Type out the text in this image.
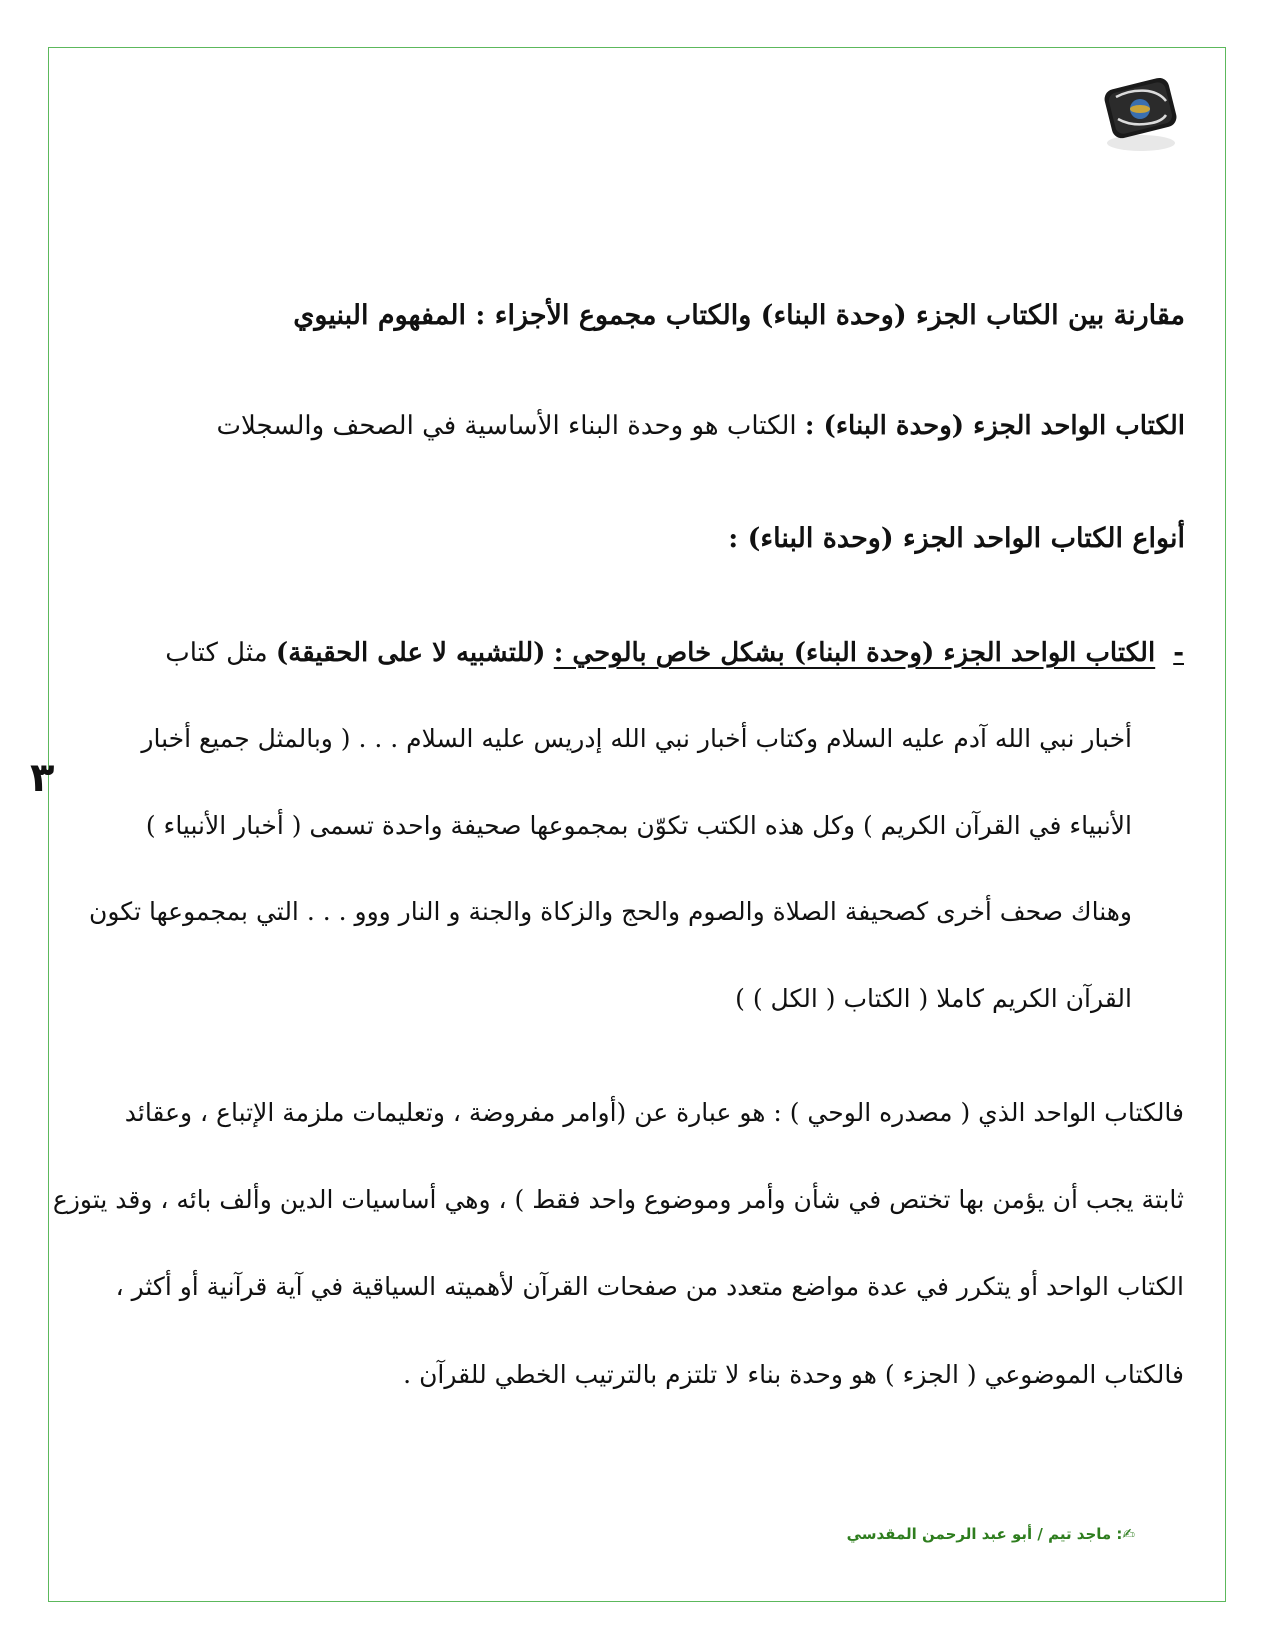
٣
مقارنة بين الكتاب الجزء (وحدة البناء) والكتاب مجموع الأجزاء : المفهوم البنيوي
الكتاب الواحد الجزء (وحدة البناء) : الكتاب هو وحدة البناء الأساسية في الصحف والسجلات
أنواع الكتاب الواحد الجزء (وحدة البناء) :
-
الكتاب الواحد الجزء (وحدة البناء) بشكل خاص بالوحي : (للتشبيه لا على الحقيقة) مثل كتاب
أخبار نبي الله آدم عليه السلام وكتاب أخبار نبي الله إدريس عليه السلام . . . ( وبالمثل جميع أخبار
الأنبياء في القرآن الكريم ) وكل هذه الكتب تكوّن بمجموعها صحيفة واحدة تسمى ( أخبار الأنبياء )
وهناك صحف أخرى كصحيفة الصلاة والصوم والحج والزكاة والجنة و النار ووو . . . التي بمجموعها تكون
القرآن الكريم كاملا ( الكتاب ( الكل ) )
فالكتاب الواحد الذي ( مصدره الوحي ) : هو عبارة عن (أوامر مفروضة ، وتعليمات ملزمة الإتباع ، وعقائد
ثابتة يجب أن يؤمن بها تختص في شأن وأمر وموضوع واحد فقط ) ، وهي أساسيات الدين وألف بائه ، وقد يتوزع
الكتاب الواحد أو يتكرر في عدة مواضع متعدد من صفحات القرآن لأهميته السياقية في آية قرآنية أو أكثر ،
فالكتاب الموضوعي ( الجزء ) هو وحدة بناء لا تلتزم بالترتيب الخطي للقرآن .
✍: ماجد تيم / أبو عبد الرحمن المقدسي
